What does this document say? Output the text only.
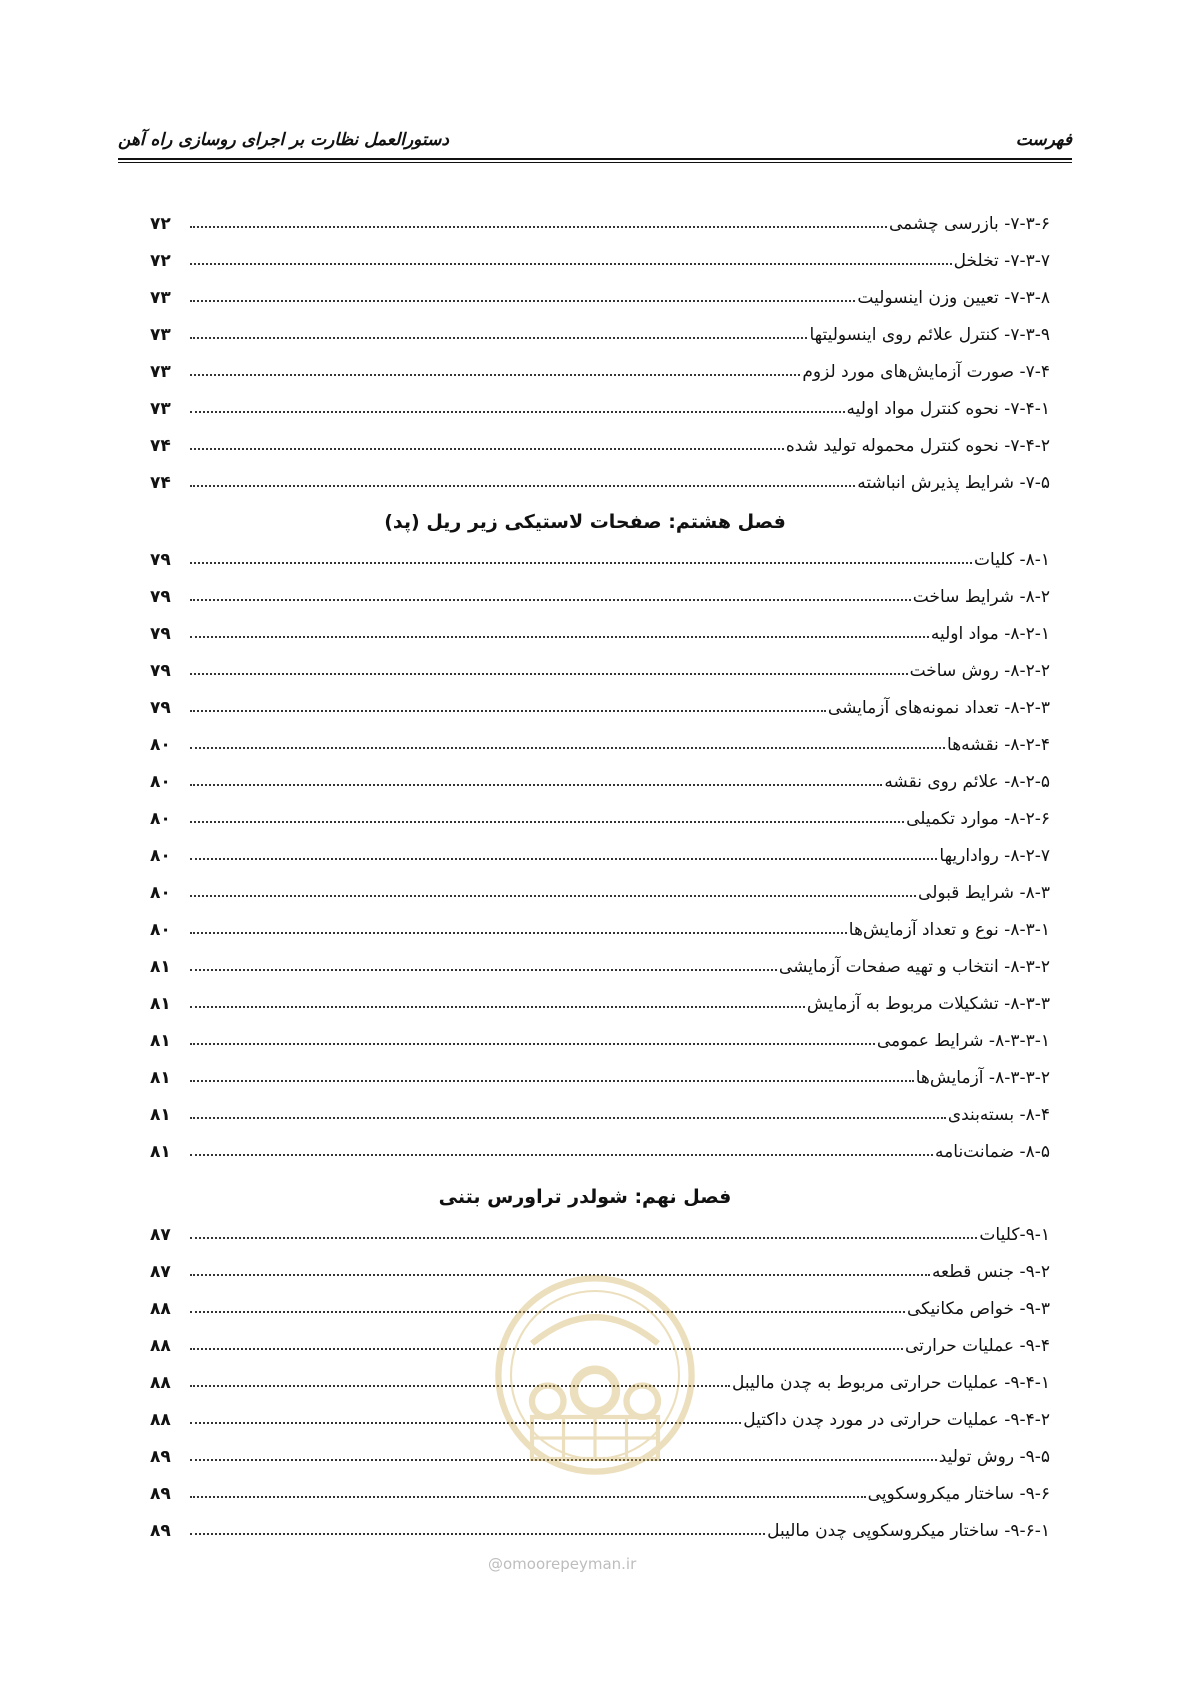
فهرست
دستورالعمل نظارت بر اجرای روسازی راه آهن
۷-۳-۶- بازرسی چشمی
۷۲
۷-۳-۷- تخلخل
۷۲
۷-۳-۸- تعیین وزن اینسولیت
۷۳
۷-۳-۹- کنترل علائم روی اینسولیتها
۷۳
۷-۴- صورت آزمایش‌های مورد لزوم
۷۳
۷-۴-۱- نحوه کنترل مواد اولیه
۷۳
۷-۴-۲- نحوه کنترل محموله تولید شده
۷۴
۷-۵- شرایط پذیرش انباشته
۷۴
فصل هشتم: صفحات لاستیکی زیر ریل (پد)
۸-۱- کلیات
۷۹
۸-۲- شرایط ساخت
۷۹
۸-۲-۱- مواد اولیه
۷۹
۸-۲-۲- روش ساخت
۷۹
۸-۲-۳- تعداد نمونه‌های آزمایشی
۷۹
۸-۲-۴- نقشه‌ها
۸۰
۸-۲-۵- علائم روی نقشه
۸۰
۸-۲-۶- موارد تکمیلی
۸۰
۸-۲-۷- رواداریها
۸۰
۸-۳- شرایط قبولی
۸۰
۸-۳-۱- نوع و تعداد آزمایش‌ها
۸۰
۸-۳-۲- انتخاب و تهیه صفحات آزمایشی
۸۱
۸-۳-۳- تشکیلات مربوط به آزمایش
۸۱
۸-۳-۳-۱- شرایط عمومی
۸۱
۸-۳-۳-۲- آزمایش‌ها
۸۱
۸-۴- بسته‌بندی
۸۱
۸-۵- ضمانت‌نامه
۸۱
فصل نهم: شولدر تراورس بتنی
۹-۱-کلیات
۸۷
۹-۲- جنس قطعه
۸۷
۹-۳- خواص مکانیکی
۸۸
۹-۴- عملیات حرارتی
۸۸
۹-۴-۱- عملیات حرارتی مربوط به چدن ماليبل
۸۸
۹-۴-۲- عملیات حرارتی در مورد چدن داکتیل
۸۸
۹-۵- روش تولید
۸۹
۹-۶- ساختار میکروسکوپی
۸۹
۹-۶-۱- ساختار میکروسکوپی چدن ماليبل
۸۹
@omoorepeyman.ir
